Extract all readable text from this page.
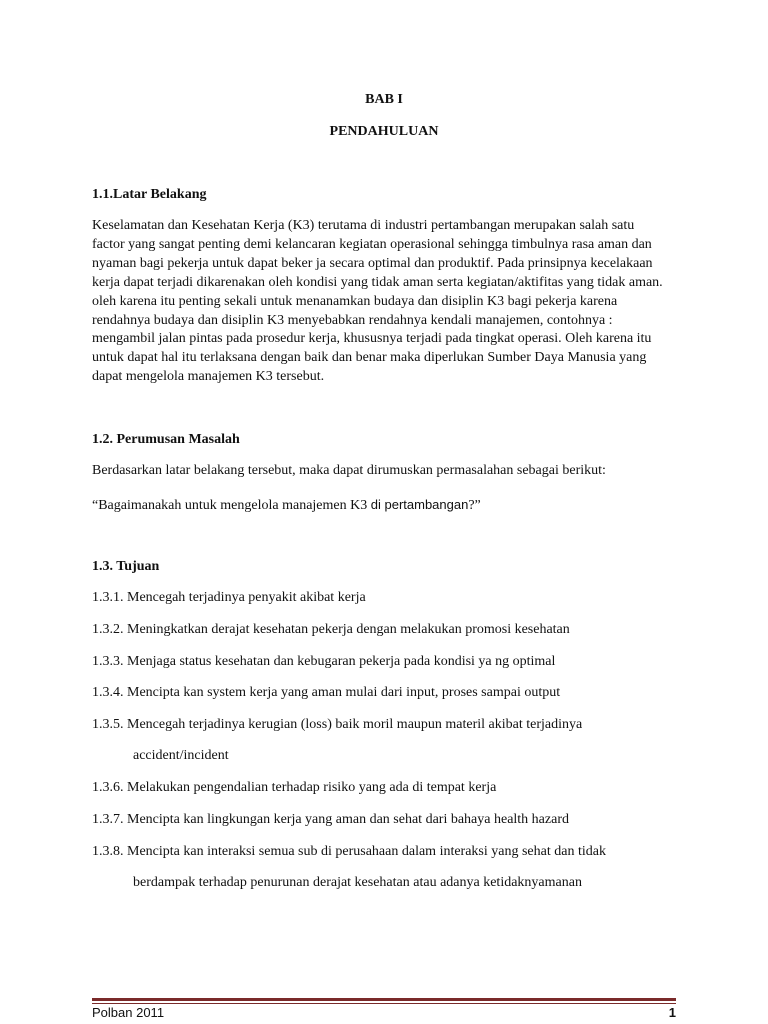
BAB I
PENDAHULUAN
1.1.Latar Belakang
Keselamatan dan Kesehatan Kerja (K3) terutama di industri pertambangan merupakan salah satu
factor yang sangat penting demi kelancaran kegiatan operasional sehingga timbulnya rasa aman dan
nyaman bagi pekerja untuk dapat beker ja secara optimal dan produktif. Pada prinsipnya kecelakaan
kerja dapat terjadi dikarenakan oleh kondisi yang tidak aman serta kegiatan/aktifitas yang tidak aman.
oleh karena itu penting sekali untuk menanamkan budaya dan disiplin K3 bagi pekerja karena
rendahnya budaya dan disiplin K3 menyebabkan rendahnya kendali manajemen, contohnya :
mengambil jalan pintas pada prosedur kerja, khususnya terjadi pada tingkat operasi. Oleh karena itu
untuk dapat hal itu terlaksana dengan baik dan benar maka diperlukan Sumber Daya Manusia yang
dapat mengelola manajemen K3 tersebut.
1.2. Perumusan Masalah
Berdasarkan latar belakang tersebut, maka dapat dirumuskan permasalahan sebagai berikut:
“Bagaimanakah untuk mengelola manajemen K3 di pertambangan?”
1.3. Tujuan
1.3.1. Mencegah terjadinya penyakit akibat kerja
1.3.2. Meningkatkan derajat kesehatan pekerja dengan melakukan promosi kesehatan
1.3.3. Menjaga status kesehatan dan kebugaran pekerja pada kondisi ya ng optimal
1.3.4. Mencipta kan system kerja yang aman mulai dari input, proses sampai output
1.3.5. Mencegah terjadinya kerugian (loss) baik moril maupun materil akibat terjadinya
accident/incident
1.3.6. Melakukan pengendalian terhadap risiko yang ada di tempat kerja
1.3.7. Mencipta kan lingkungan kerja yang aman dan sehat dari bahaya health hazard
1.3.8. Mencipta kan interaksi semua sub di perusahaan dalam interaksi yang sehat dan tidak
berdampak terhadap penurunan derajat kesehatan atau adanya ketidaknyamanan
Polban 2011	1
